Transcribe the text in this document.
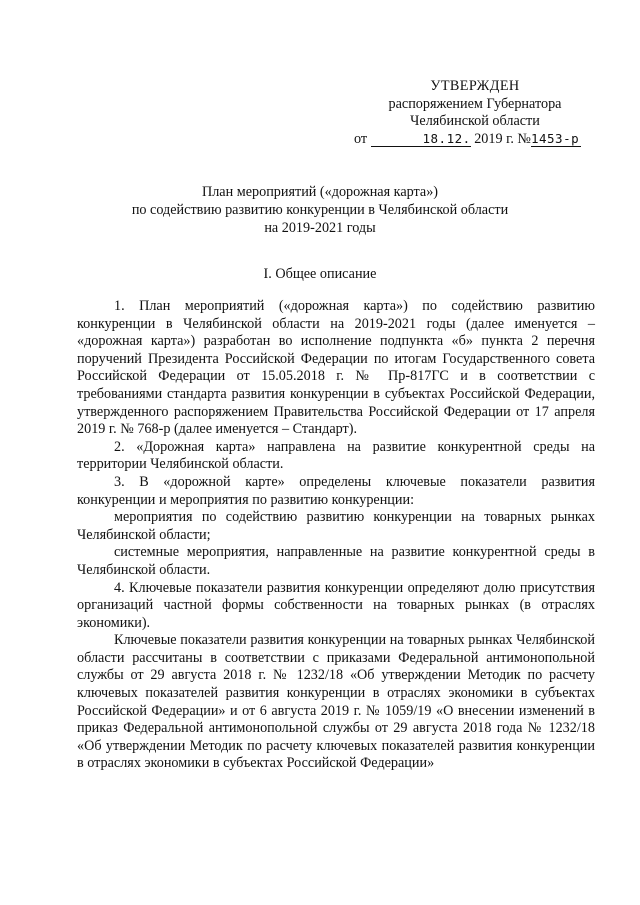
УТВЕРЖДЕН
распоряжением Губернатора
Челябинской области
от	18.12. 2019 г. №1453-р
План мероприятий («дорожная карта»)
по содействию развитию конкуренции в Челябинской области
на 2019-2021 годы
I. Общее описание

1. План мероприятий («дорожная карта») по содействию развитию конкуренции в Челябинской области на 2019-2021 годы (далее именуется – «дорожная карта») разработан во исполнение подпункта «б» пункта 2 перечня поручений Президента Российской Федерации по итогам Государственного совета Российской Федерации от 15.05.2018 г. № Пр-817ГС и в соответствии с требованиями стандарта развития конкуренции в субъектах Российской Федерации, утвержденного распоряжением Правительства Российской Федерации от 17 апреля 2019 г. № 768-р (далее именуется – Стандарт).

2. «Дорожная карта» направлена на развитие конкурентной среды на территории Челябинской области.

3. В «дорожной карте» определены ключевые показатели развития конкуренции и мероприятия по развитию конкуренции:

мероприятия по содействию развитию конкуренции на товарных рынках Челябинской области;

системные мероприятия, направленные на развитие конкурентной среды в Челябинской области.

4. Ключевые показатели развития конкуренции определяют долю присутствия организаций частной формы собственности на товарных рынках (в отраслях экономики).

Ключевые показатели развития конкуренции на товарных рынках Челябинской области рассчитаны в соответствии с приказами Федеральной антимонопольной службы от 29 августа 2018 г. № 1232/18 «Об утверждении Методик по расчету ключевых показателей развития конкуренции в отраслях экономики в субъектах Российской Федерации» и от 6 августа 2019 г. № 1059/19 «О внесении изменений в приказ Федеральной антимонопольной службы от 29 августа 2018 года № 1232/18 «Об утверждении Методик по расчету ключевых показателей развития конкуренции в отраслях экономики в субъектах Российской Федерации»
